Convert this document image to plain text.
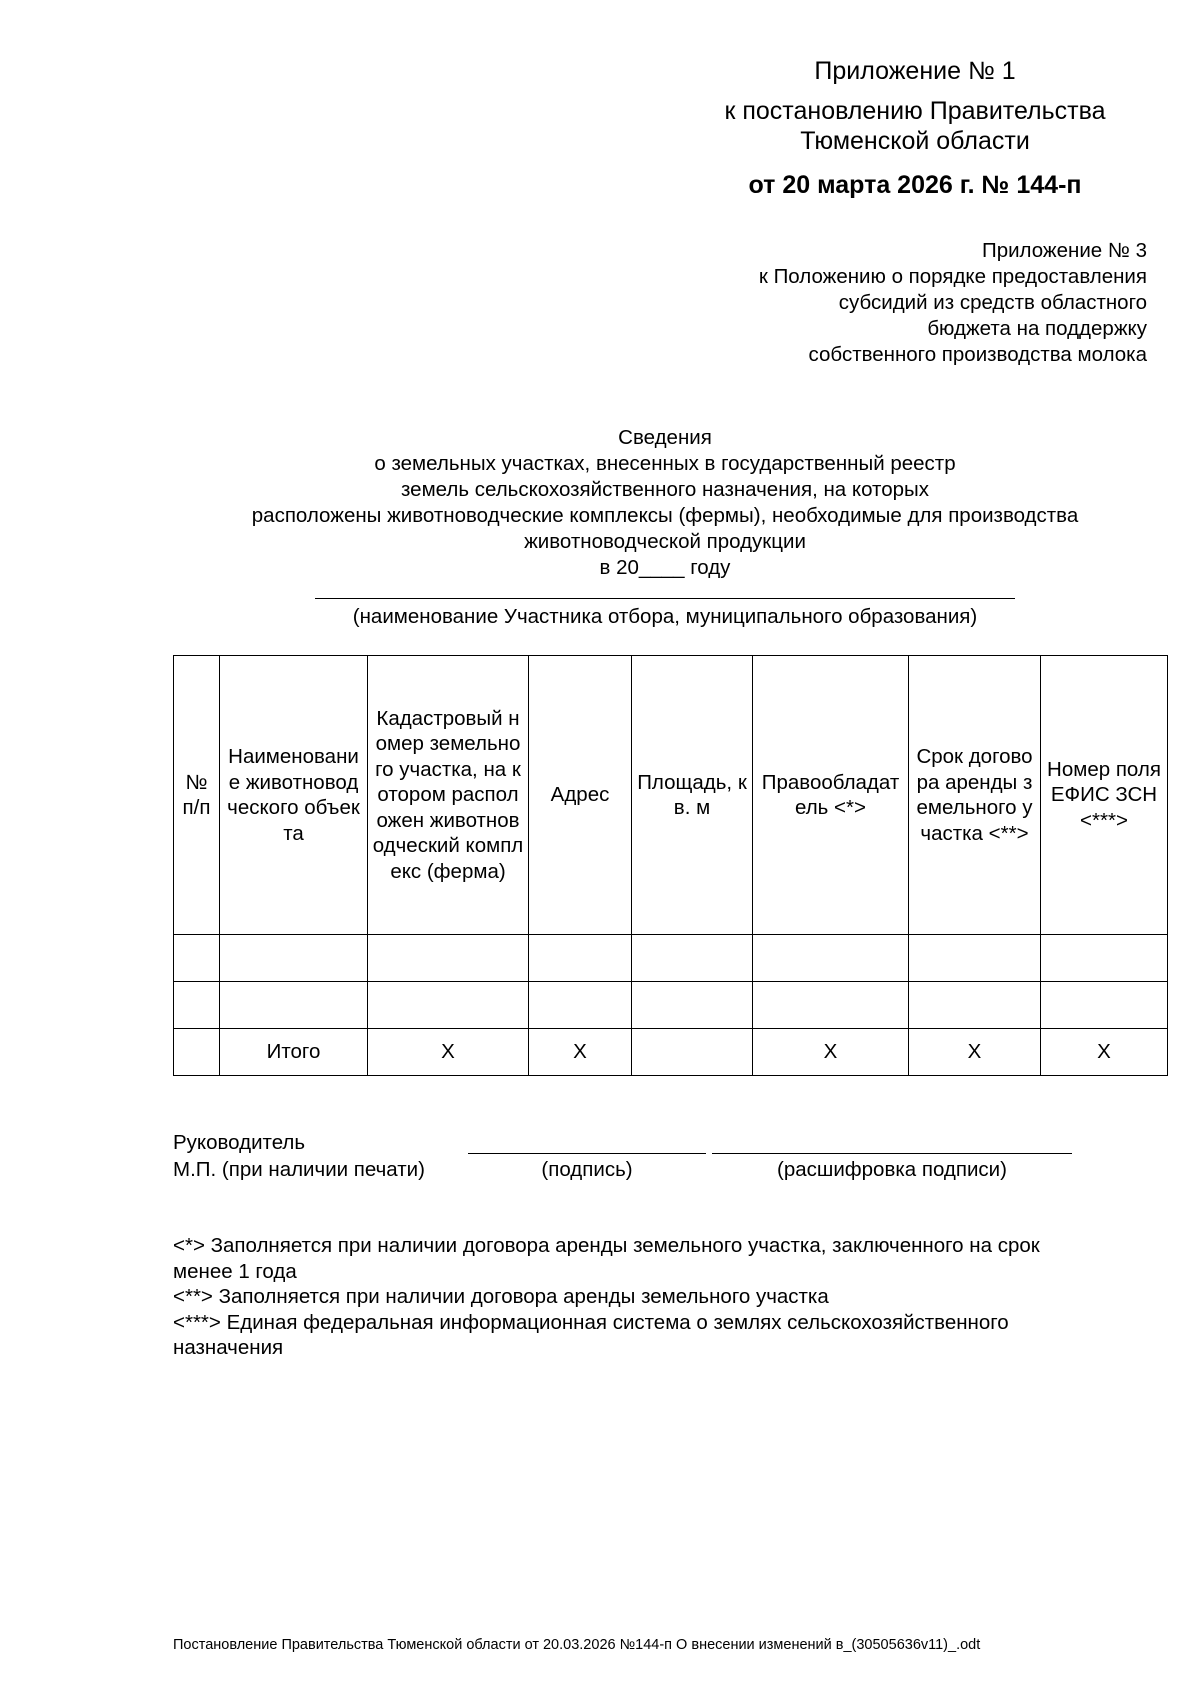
Приложение № 1
к постановлению Правительства
Тюменской области
от 20 марта 2026 г. № 144-п
Приложение № 3
к Положению о порядке предоставления
субсидий из средств областного
бюджета на поддержку
собственного производства молока
Сведения
о земельных участках, внесенных в государственный реестр
земель сельскохозяйственного назначения, на которых
расположены животноводческие комплексы (фермы), необходимые для производства
животноводческой продукции
в 20____ году
(наименование Участника отбора, муниципального образования)
№ п/п	Наименование животноводческого объекта	Кадастровый номер земельного участка, на котором расположен животноводческий комплекс (ферма)	Адрес	Площадь, кв. м	Правообладатель <*>	Срок договора аренды земельного участка <**>	Номер поля ЕФИС ЗСН <***>

	Итого	X	X		X	X	X
Руководитель
М.П. (при наличии печати)	(подпись)	(расшифровка подписи)
<*> Заполняется при наличии договора аренды земельного участка, заключенного на срок
менее 1 года
<**> Заполняется при наличии договора аренды земельного участка
<***> Единая федеральная информационная система о землях сельскохозяйственного
назначения
Постановление Правительства Тюменской области от 20.03.2026 №144-п О внесении изменений в_(30505636v11)_.odt
